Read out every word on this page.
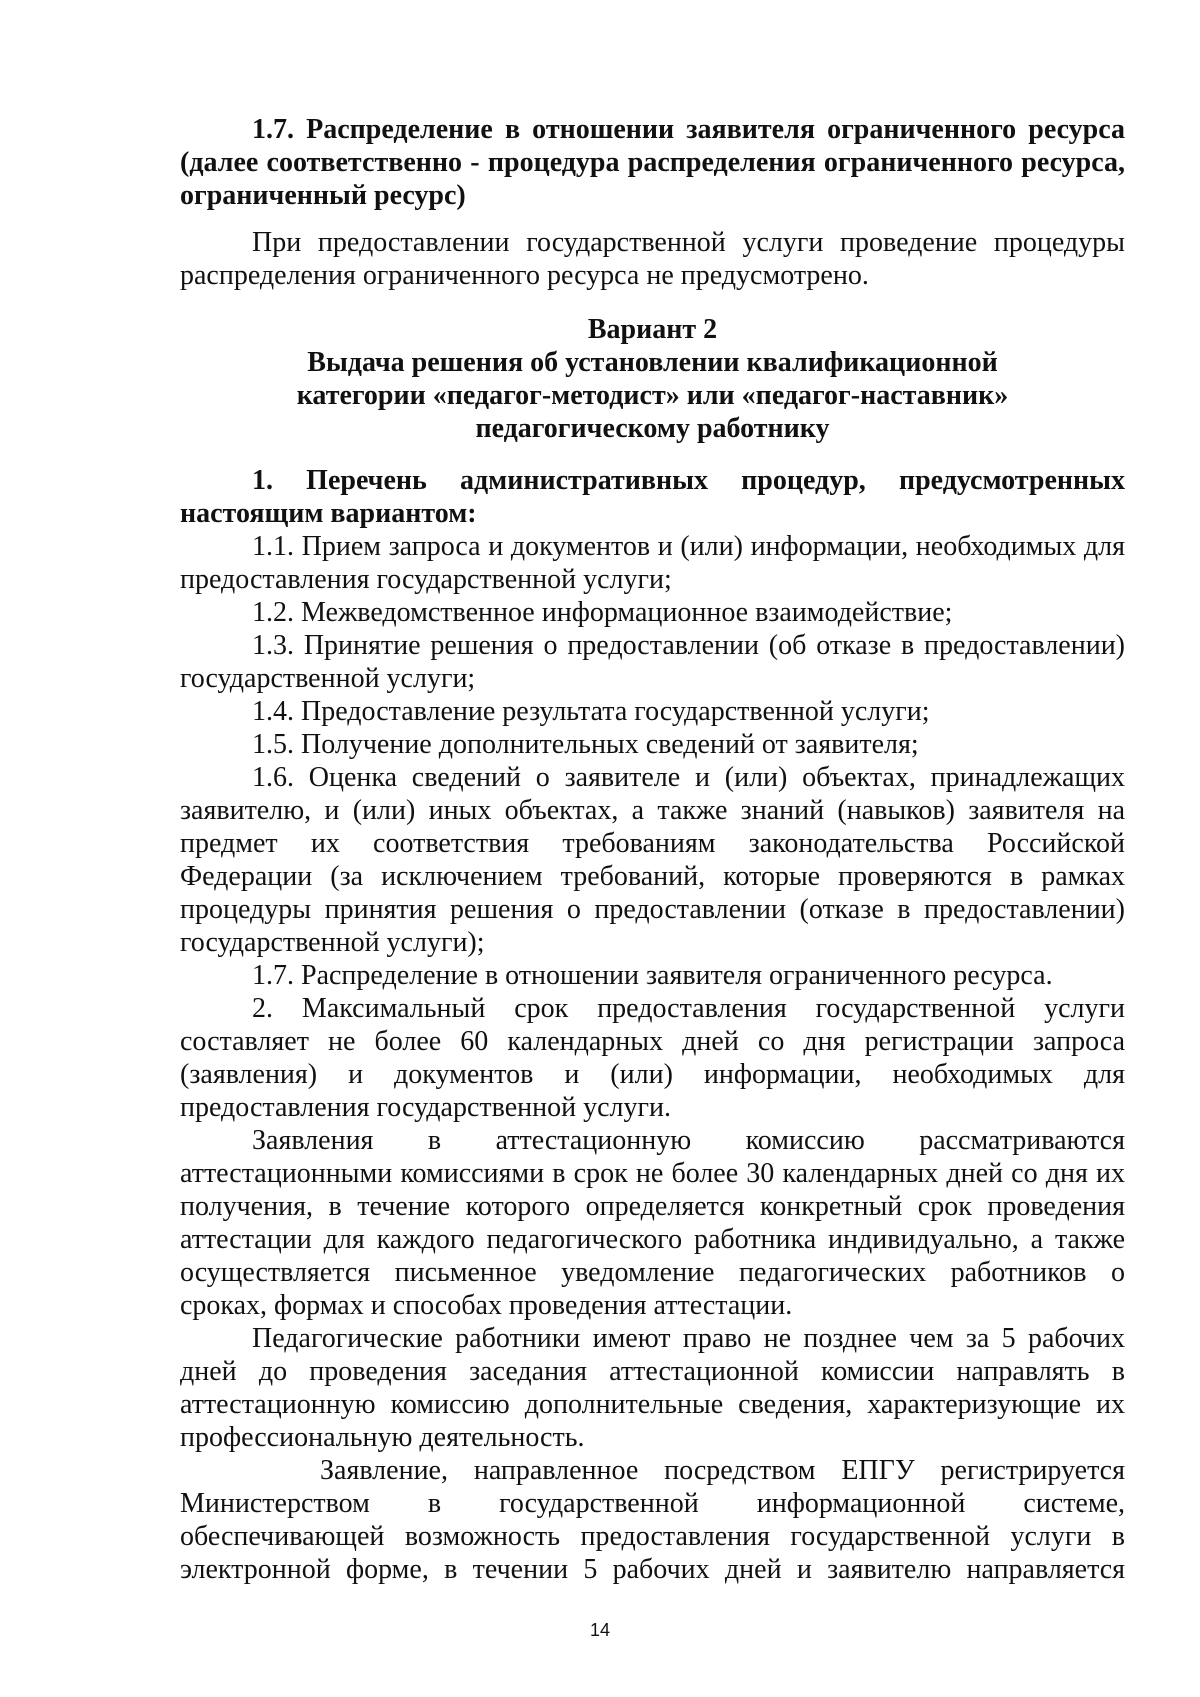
1.7. Распределение в отношении заявителя ограниченного ресурса (далее соответственно - процедура распределения ограниченного ресурса, ограниченный ресурс)

При предоставлении государственной услуги проведение процедуры распределения ограниченного ресурса не предусмотрено.

Вариант 2

Выдача решения об установлении квалификационной категории «педагог-методист» или «педагог-наставник» педагогическому работнику

1. Перечень административных процедур, предусмотренных настоящим вариантом:

1.1. Прием запроса и документов и (или) информации, необходимых для предоставления государственной услуги;

1.2. Межведомственное информационное взаимодействие;

1.3. Принятие решения о предоставлении (об отказе в предоставлении) государственной услуги;

1.4. Предоставление результата государственной услуги;

1.5. Получение дополнительных сведений от заявителя;

1.6. Оценка сведений о заявителе и (или) объектах, принадлежащих заявителю, и (или) иных объектах, а также знаний (навыков) заявителя на предмет их соответствия требованиям законодательства Российской Федерации (за исключением требований, которые проверяются в рамках процедуры принятия решения о предоставлении (отказе в предоставлении) государственной услуги);

1.7. Распределение в отношении заявителя ограниченного ресурса.

2. Максимальный срок предоставления государственной услуги составляет не более 60 календарных дней со дня регистрации запроса (заявления) и документов и (или) информации, необходимых для предоставления государственной услуги.

Заявления в аттестационную комиссию рассматриваются аттестационными комиссиями в срок не более 30 календарных дней со дня их получения, в течение которого определяется конкретный срок проведения аттестации для каждого педагогического работника индивидуально, а также осуществляется письменное уведомление педагогических работников о сроках, формах и способах проведения аттестации.

Педагогические работники имеют право не позднее чем за 5 рабочих дней до проведения заседания аттестационной комиссии направлять в аттестационную комиссию дополнительные сведения, характеризующие их профессиональную деятельность.

Заявление, направленное посредством ЕПГУ регистрируется Министерством в государственной информационной системе, обеспечивающей возможность предоставления государственной услуги в электронной форме, в течении 5 рабочих дней и заявителю направляется

14
